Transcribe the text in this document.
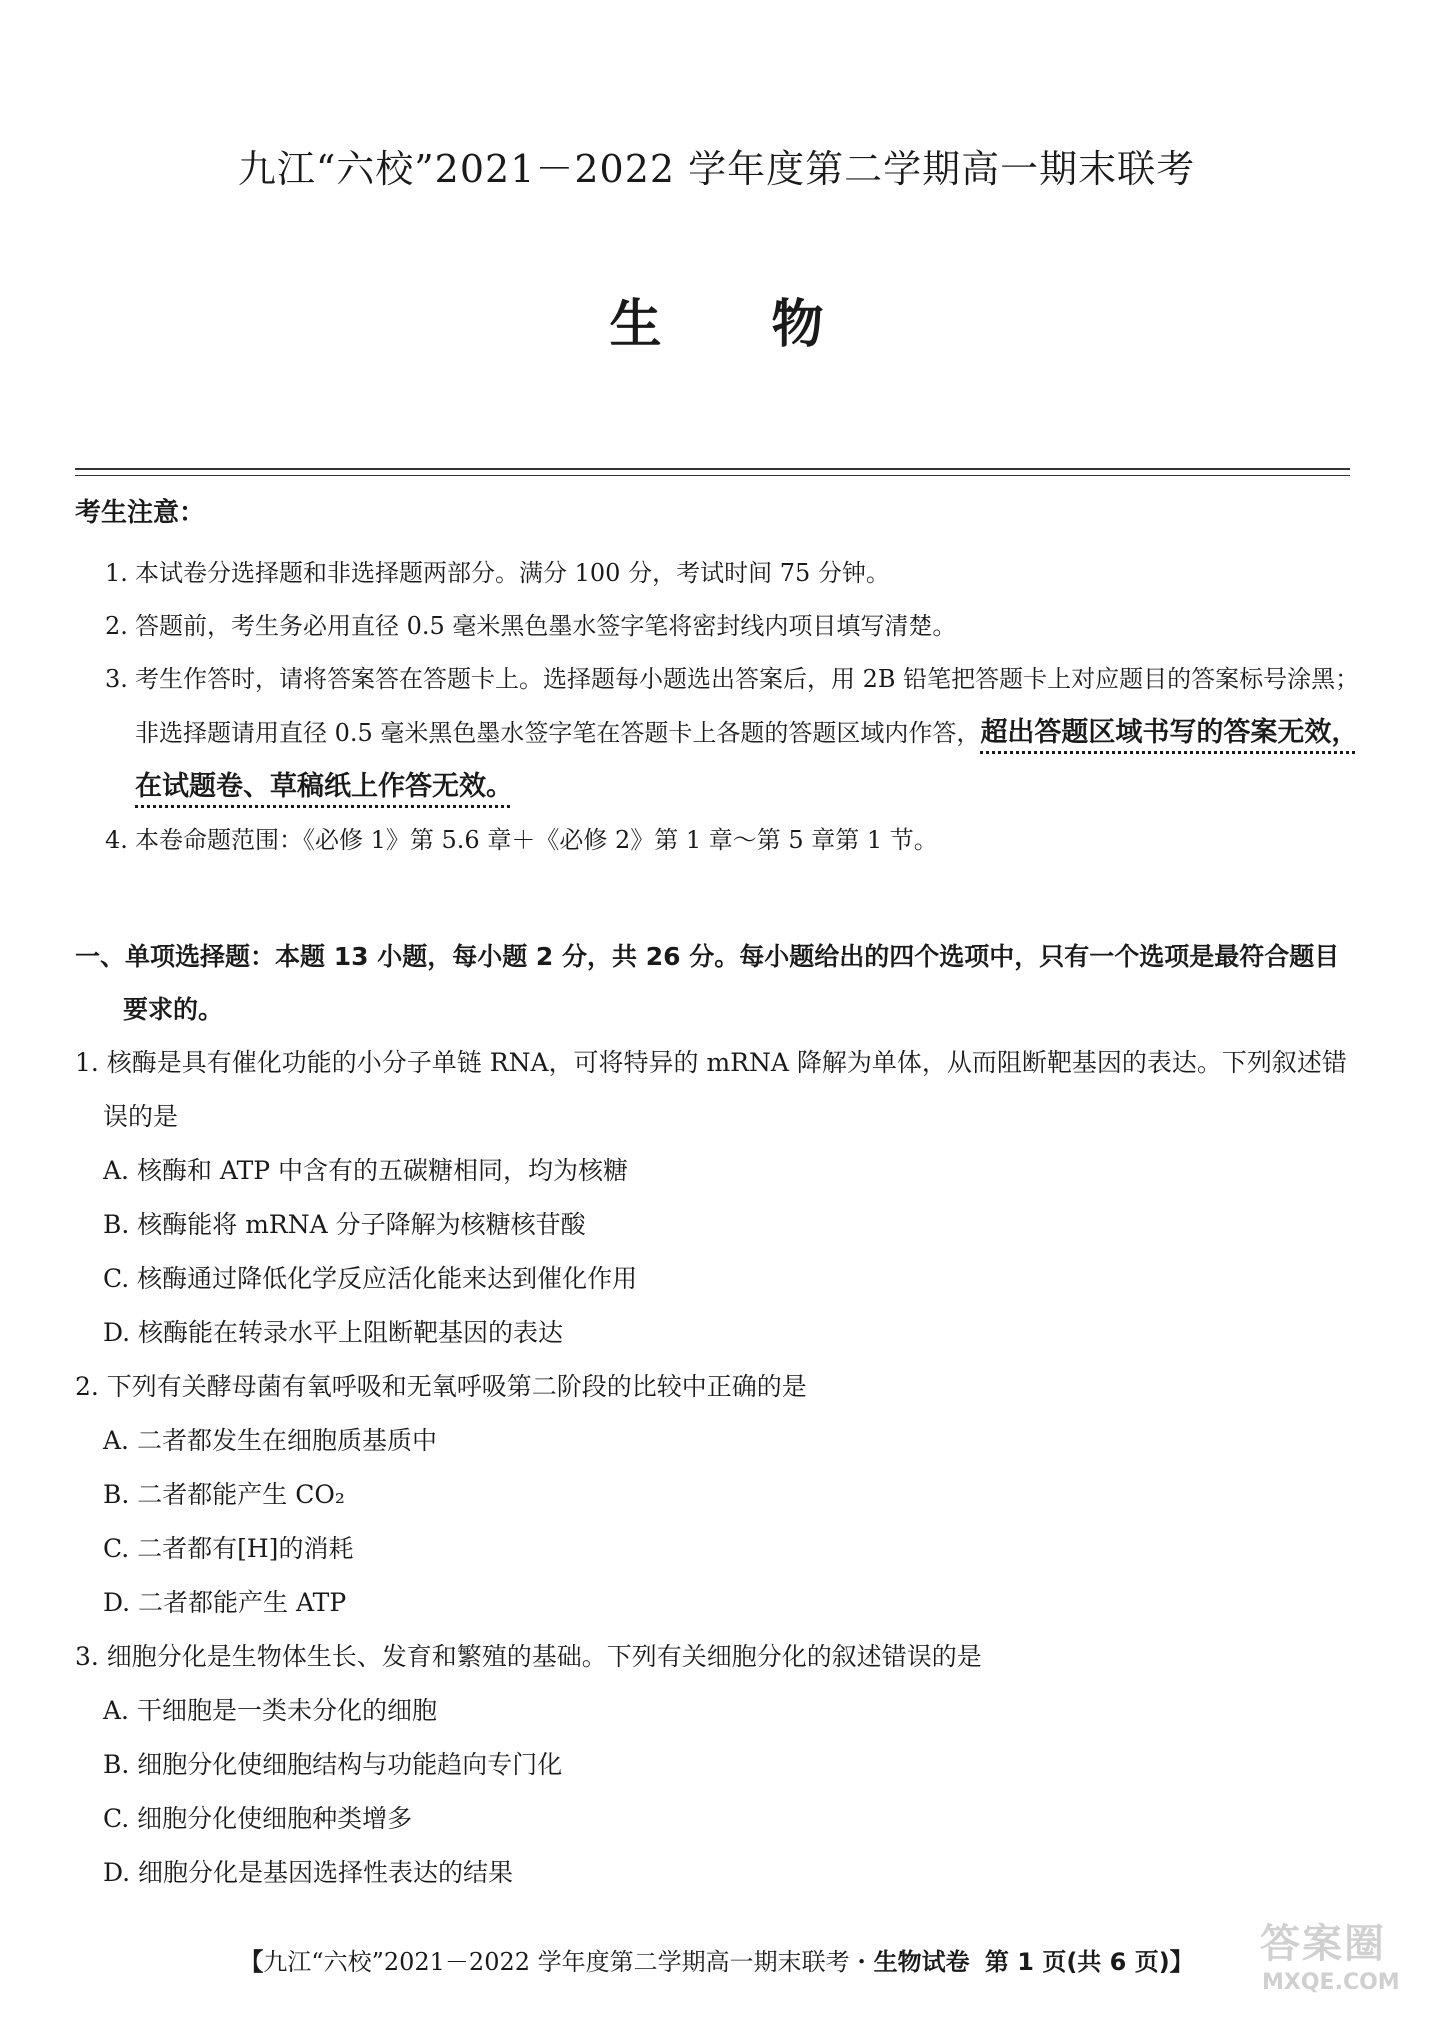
九江“六校”2021－2022 学年度第二学期高一期末联考
生物
考生注意：
1. 本试卷分选择题和非选择题两部分。满分 100 分，考试时间 75 分钟。
2. 答题前，考生务必用直径 0.5 毫米黑色墨水签字笔将密封线内项目填写清楚。
3. 考生作答时，请将答案答在答题卡上。选择题每小题选出答案后，用 2B 铅笔把答题卡上对应题目的答案标号涂黑；非选择题请用直径 0.5 毫米黑色墨水签字笔在答题卡上各题的答题区域内作答，超出答题区域书写的答案无效，在试题卷、草稿纸上作答无效。
4. 本卷命题范围：《必修 1》第 5.6 章＋《必修 2》第 1 章～第 5 章第 1 节。
一、单项选择题：本题 13 小题，每小题 2 分，共 26 分。每小题给出的四个选项中，只有一个选项是最符合题目要求的。
1. 核酶是具有催化功能的小分子单链 RNA，可将特异的 mRNA 降解为单体，从而阻断靶基因的表达。下列叙述错误的是
A. 核酶和 ATP 中含有的五碳糖相同，均为核糖
B. 核酶能将 mRNA 分子降解为核糖核苷酸
C. 核酶通过降低化学反应活化能来达到催化作用
D. 核酶能在转录水平上阻断靶基因的表达
2. 下列有关酵母菌有氧呼吸和无氧呼吸第二阶段的比较中正确的是
A. 二者都发生在细胞质基质中
B. 二者都能产生 CO₂
C. 二者都有[H]的消耗
D. 二者都能产生 ATP
3. 细胞分化是生物体生长、发育和繁殖的基础。下列有关细胞分化的叙述错误的是
A. 干细胞是一类未分化的细胞
B. 细胞分化使细胞结构与功能趋向专门化
C. 细胞分化使细胞种类增多
D. 细胞分化是基因选择性表达的结果
【九江“六校”2021－2022 学年度第二学期高一期末联考・生物试卷 第 1 页(共 6 页)】	答案圈
MXQE.COM
